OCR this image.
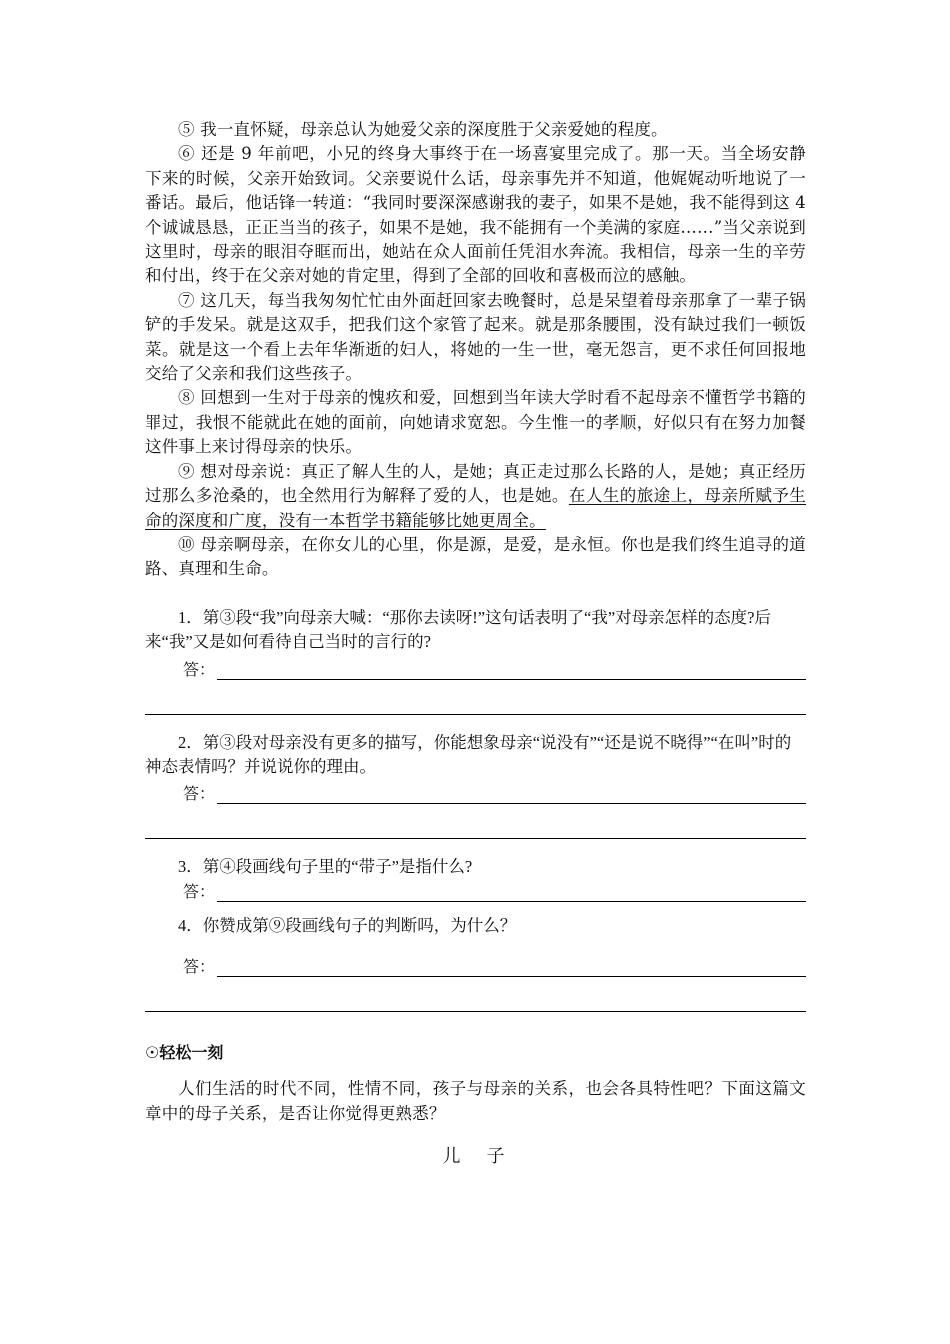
⑤ 我一直怀疑，母亲总认为她爱父亲的深度胜于父亲爱她的程度。

⑥ 还是 9 年前吧，小兄的终身大事终于在一场喜宴里完成了。那一天。当全场安静下来的时候，父亲开始致词。父亲要说什么话，母亲事先并不知道，他娓娓动听地说了一番话。最后，他话锋一转道：“我同时要深深感谢我的妻子，如果不是她，我不能得到这 4 个诚诚恳恳，正正当当的孩子，如果不是她，我不能拥有一个美满的家庭……”当父亲说到这里时，母亲的眼泪夺眶而出，她站在众人面前任凭泪水奔流。我相信，母亲一生的辛劳和付出，终于在父亲对她的肯定里，得到了全部的回收和喜极而泣的感触。

⑦ 这几天，每当我匆匆忙忙由外面赶回家去晚餐时，总是呆望着母亲那拿了一辈子锅铲的手发呆。就是这双手，把我们这个家管了起来。就是那条腰围，没有缺过我们一顿饭菜。就是这一个看上去年华渐逝的妇人，将她的一生一世，毫无怨言，更不求任何回报地交给了父亲和我们这些孩子。

⑧ 回想到一生对于母亲的愧疚和爱，回想到当年读大学时看不起母亲不懂哲学书籍的罪过，我恨不能就此在她的面前，向她请求宽恕。今生惟一的孝顺，好似只有在努力加餐这件事上来讨得母亲的快乐。

⑨ 想对母亲说：真正了解人生的人，是她；真正走过那么长路的人，是她；真正经历过那么多沧桑的，也全然用行为解释了爱的人，也是她。在人生的旅途上，母亲所赋予生命的深度和广度，没有一本哲学书籍能够比她更周全。

⑩ 母亲啊母亲，在你女儿的心里，你是源，是爱，是永恒。你也是我们终生追寻的道路、真理和生命。

1．第③段“我”向母亲大喊：“那你去读呀!”这句话表明了“我”对母亲怎样的态度?后来“我”又是如何看待自己当时的言行的?

答：

2．第③段对母亲没有更多的描写，你能想象母亲“说没有”“还是说不晓得”“在叫”时的神态表情吗？并说说你的理由。

答：

3．第④段画线句子里的“带子”是指什么?

答：

4．你赞成第⑨段画线句子的判断吗，为什么？

答：

☉轻松一刻

人们生活的时代不同，性情不同，孩子与母亲的关系，也会各具特性吧？下面这篇文章中的母子关系，是否让你觉得更熟悉？

儿　子
